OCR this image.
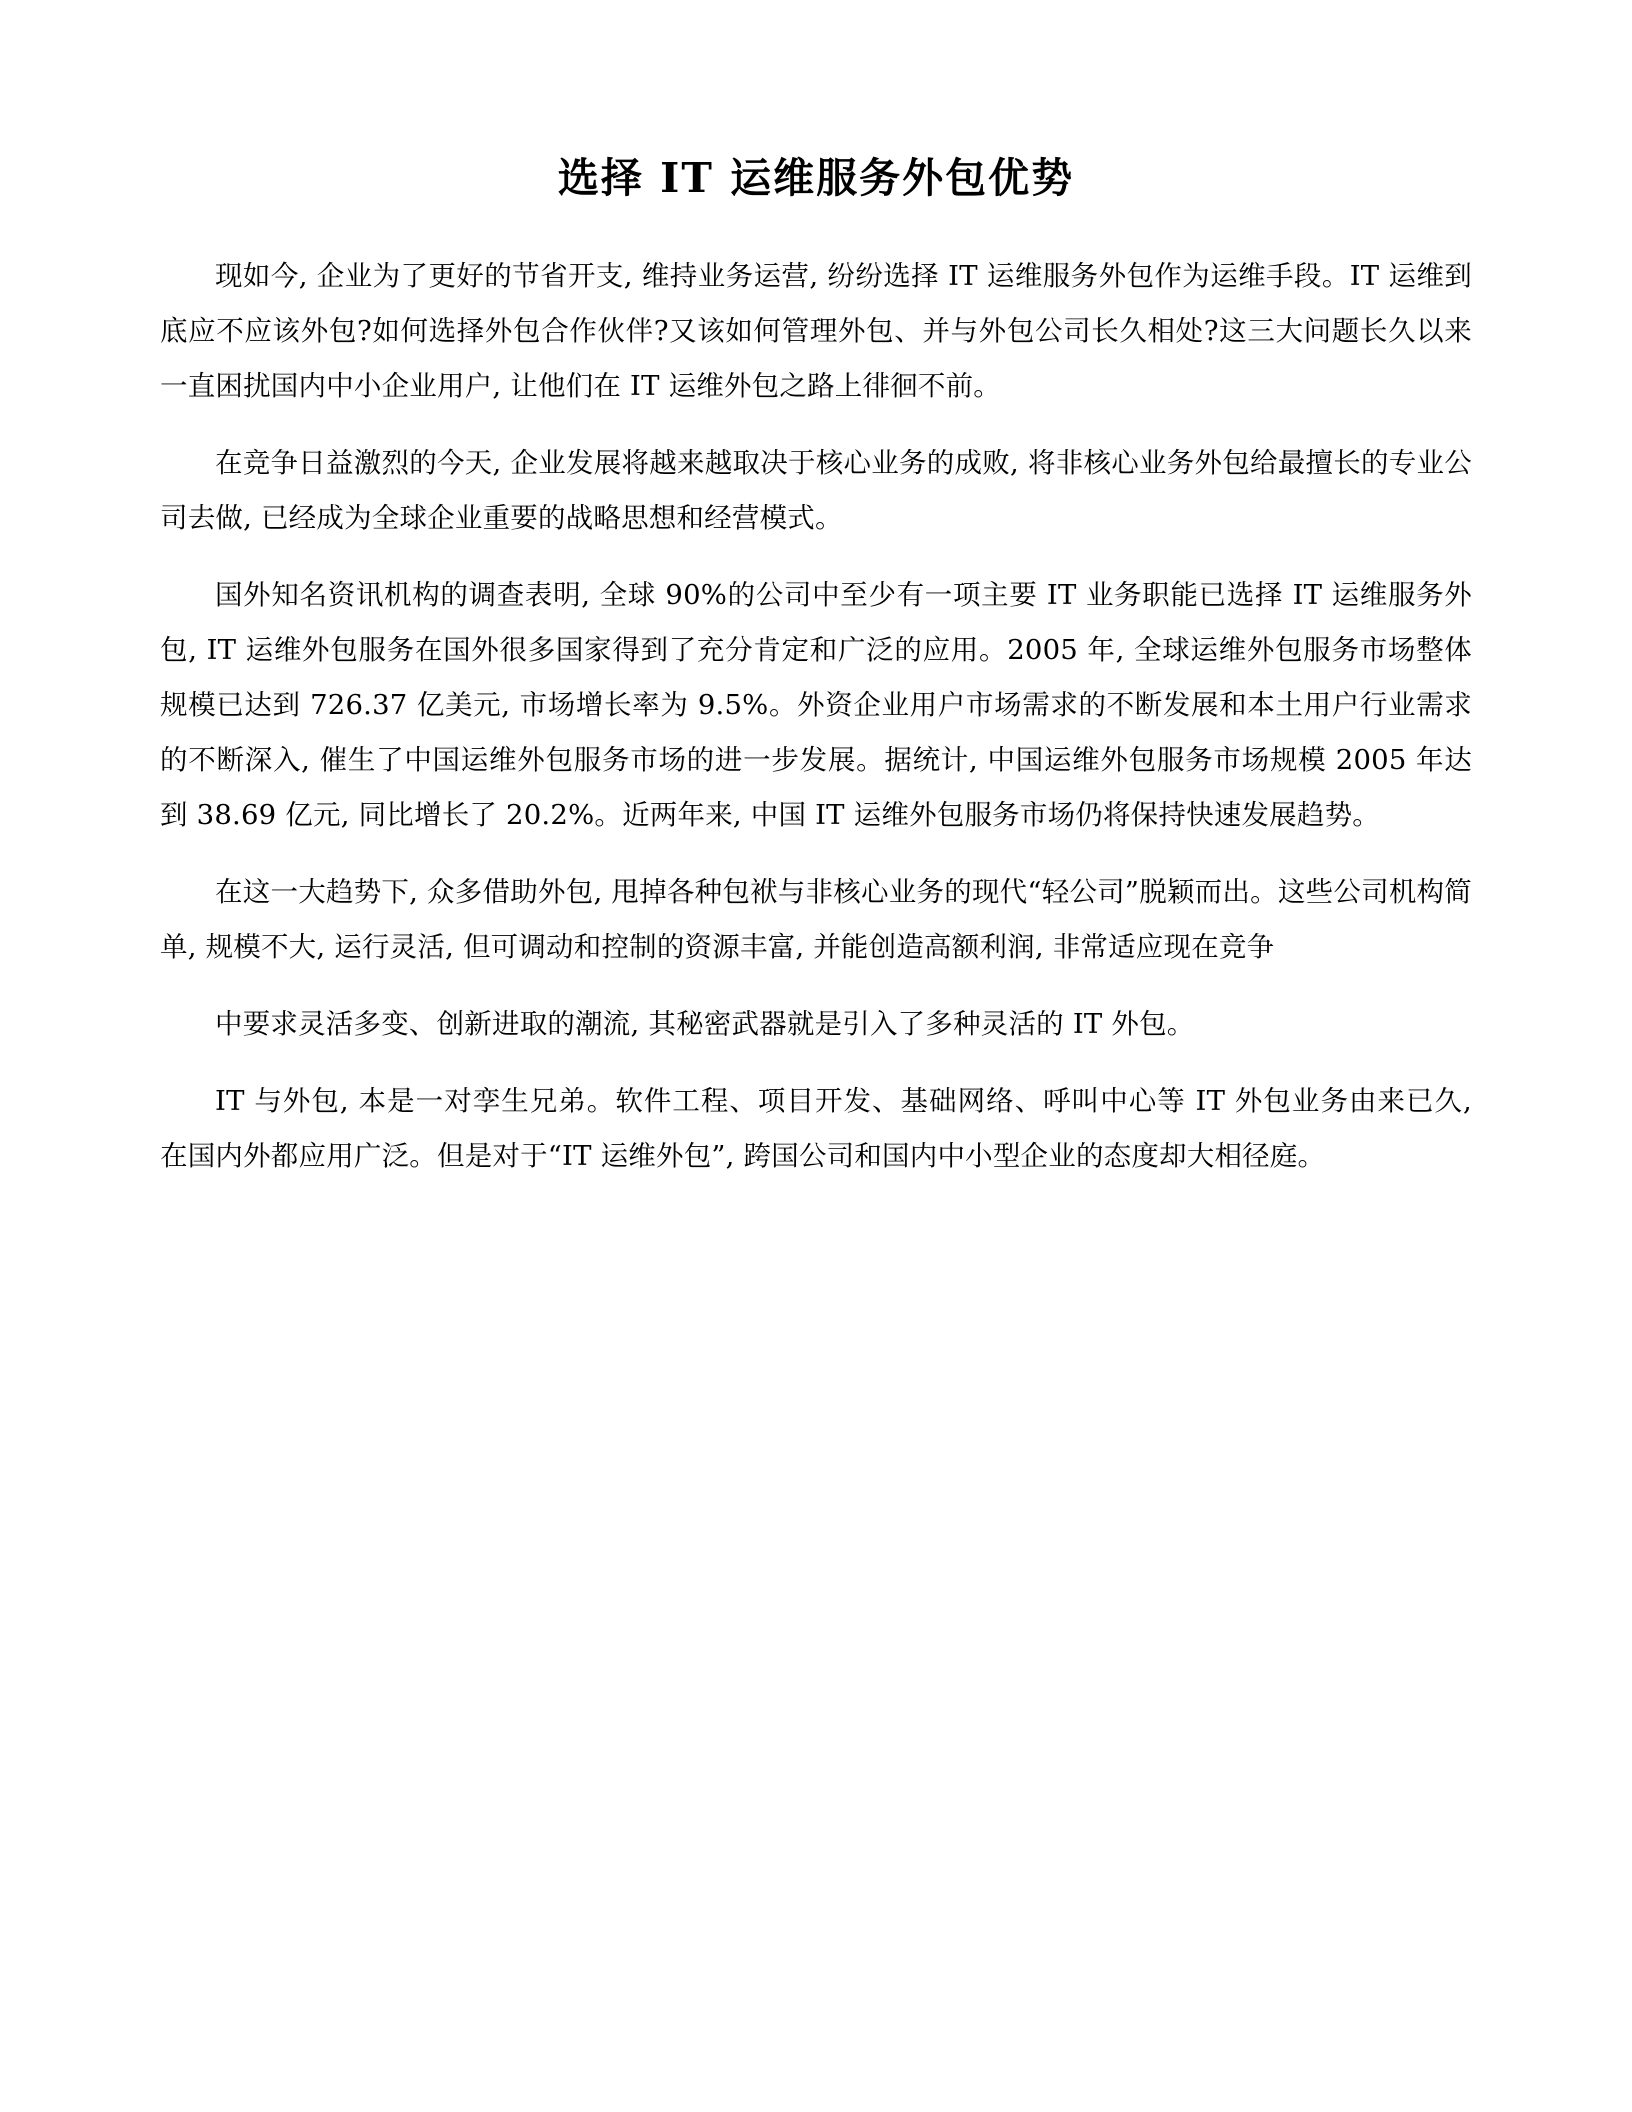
选择 IT 运维服务外包优势

现如今, 企业为了更好的节省开支, 维持业务运营, 纷纷选择 IT 运维服务外包作为运维手段。IT 运维到底应不应该外包?如何选择外包合作伙伴?又该如何管理外包、并与外包公司长久相处?这三大问题长久以来一直困扰国内中小企业用户, 让他们在 IT 运维外包之路上徘徊不前。

在竞争日益激烈的今天, 企业发展将越来越取决于核心业务的成败, 将非核心业务外包给最擅长的专业公司去做, 已经成为全球企业重要的战略思想和经营模式。

国外知名资讯机构的调查表明, 全球 90%的公司中至少有一项主要 IT 业务职能已选择 IT 运维服务外包, IT 运维外包服务在国外很多国家得到了充分肯定和广泛的应用。2005 年, 全球运维外包服务市场整体规模已达到 726.37 亿美元, 市场增长率为 9.5%。外资企业用户市场需求的不断发展和本土用户行业需求的不断深入, 催生了中国运维外包服务市场的进一步发展。据统计, 中国运维外包服务市场规模 2005 年达到 38.69 亿元, 同比增长了 20.2%。近两年来, 中国 IT 运维外包服务市场仍将保持快速发展趋势。

在这一大趋势下, 众多借助外包, 甩掉各种包袱与非核心业务的现代“轻公司”脱颖而出。这些公司机构简单, 规模不大, 运行灵活, 但可调动和控制的资源丰富, 并能创造高额利润, 非常适应现在竞争

中要求灵活多变、创新进取的潮流, 其秘密武器就是引入了多种灵活的 IT 外包。

IT 与外包, 本是一对孪生兄弟。软件工程、项目开发、基础网络、呼叫中心等 IT 外包业务由来已久, 在国内外都应用广泛。但是对于“IT 运维外包”, 跨国公司和国内中小型企业的态度却大相径庭。
